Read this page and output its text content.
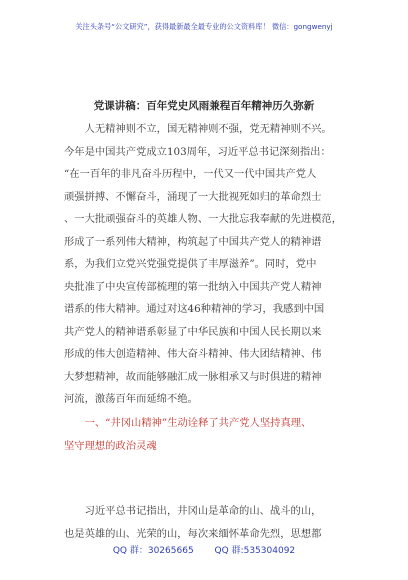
关注头条号“公文研究”，获得最新最全最专业的公文资料库！ 微信：gongwenyj
党课讲稿：百年党史风雨兼程百年精神历久弥新

人无精神则不立，国无精神则不强，党无精神则不兴。
今年是中国共产党成立103周年，习近平总书记深刻指出：
“在一百年的非凡奋斗历程中，一代又一代中国共产党人
顽强拼搏、不懈奋斗，涌现了一大批视死如归的革命烈士
、一大批顽强奋斗的英雄人物、一大批忘我奉献的先进模范，
形成了一系列伟大精神，构筑起了中国共产党人的精神谱
系，为我们立党兴党强党提供了丰厚滋养”。同时，党中
央批准了中央宣传部梳理的第一批纳入中国共产党人精神
谱系的伟大精神。通过对这46种精神的学习，我感到中国
共产党人的精神谱系彰显了中华民族和中国人民长期以来
形成的伟大创造精神、伟大奋斗精神、伟大团结精神、伟
大梦想精神，故而能够融汇成一脉相承又与时俱进的精神
河流，激荡百年而延绵不绝。

一、“井冈山精神”生动诠释了共产党人坚持真理、
坚守理想的政治灵魂

习近平总书记指出，井冈山是革命的山、战斗的山，
也是英雄的山、光荣的山，每次来缅怀革命先烈，思想都

QQ 群：30265665 QQ 群:535304092
